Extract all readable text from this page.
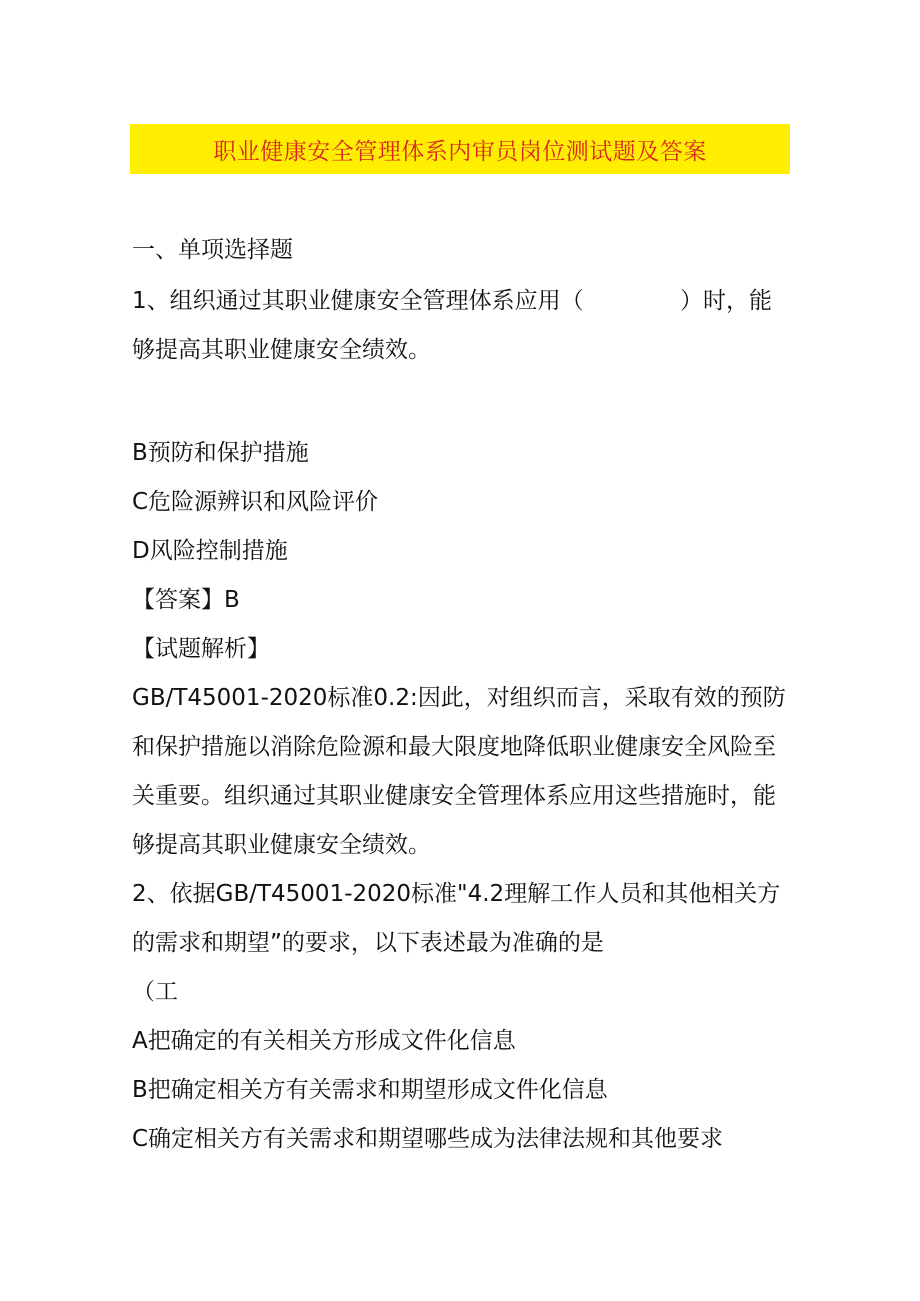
职业健康安全管理体系内审员岗位测试题及答案
一、单项选择题
1、组织通过其职业健康安全管理体系应用（	）时，能
够提高其职业健康安全绩效。
B预防和保护措施
C危险源辨识和风险评价
D风险控制措施
【答案】B
【试题解析】
GB/T45001-2020标准0.2:因此，对组织而言，采取有效的预防
和保护措施以消除危险源和最大限度地降低职业健康安全风险至
关重要。组织通过其职业健康安全管理体系应用这些措施时，能
够提高其职业健康安全绩效。
2、依据GB/T45001-2020标准"4.2理解工作人员和其他相关方
的需求和期望”的要求，以下表述最为准确的是
（工
A把确定的有关相关方形成文件化信息
B把确定相关方有关需求和期望形成文件化信息
C确定相关方有关需求和期望哪些成为法律法规和其他要求
